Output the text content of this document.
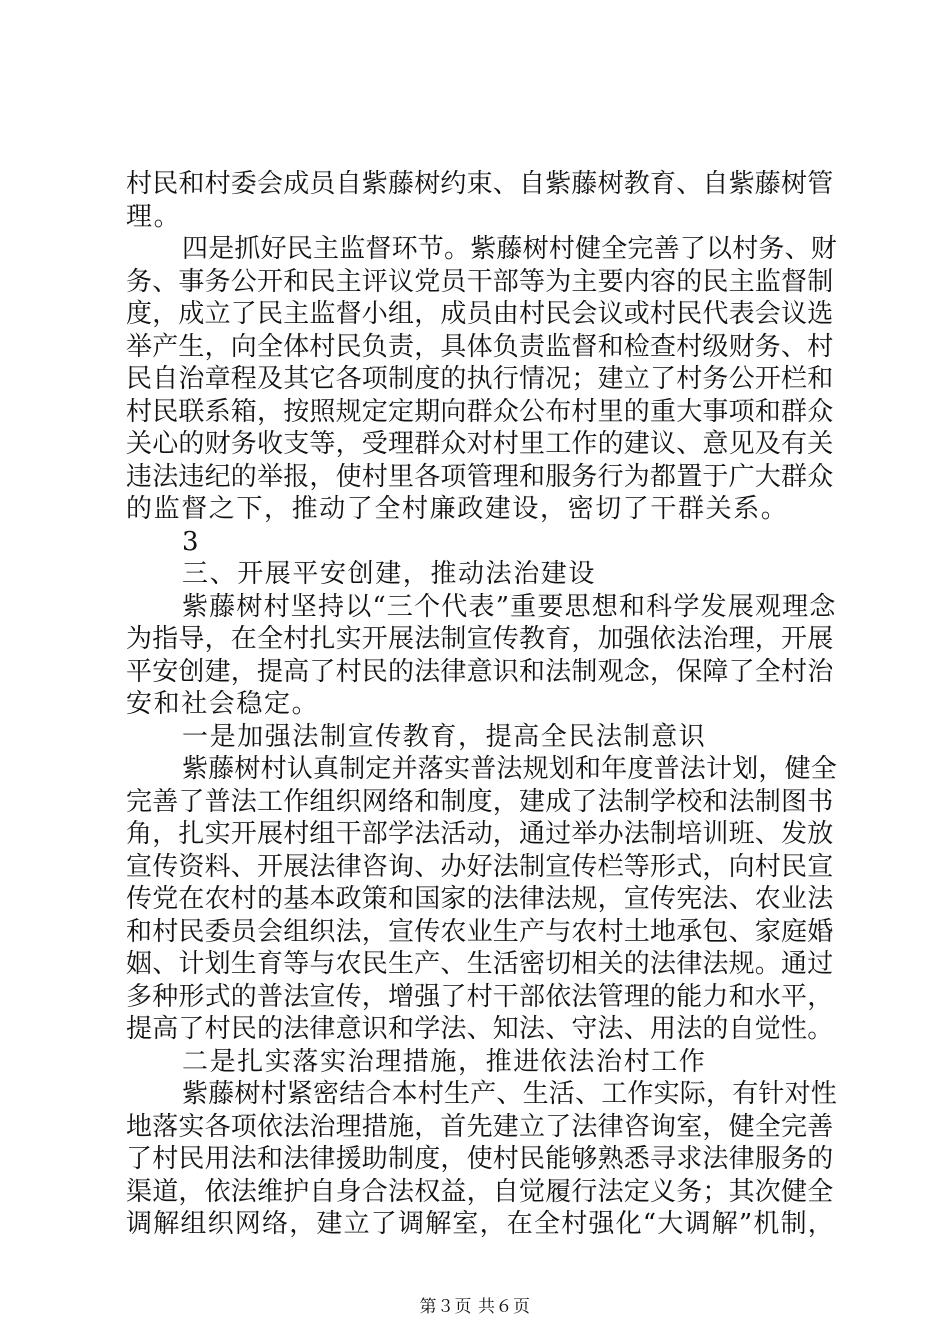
村民和村委会成员自紫藤树约束、自紫藤树教育、自紫藤树管
理。
四是抓好民主监督环节。紫藤树村健全完善了以村务、财
务、事务公开和民主评议党员干部等为主要内容的民主监督制
度，成立了民主监督小组，成员由村民会议或村民代表会议选
举产生，向全体村民负责，具体负责监督和检查村级财务、村
民自治章程及其它各项制度的执行情况；建立了村务公开栏和
村民联系箱，按照规定定期向群众公布村里的重大事项和群众
关心的财务收支等，受理群众对村里工作的建议、意见及有关
违法违纪的举报，使村里各项管理和服务行为都置于广大群众
的监督之下，推动了全村廉政建设，密切了干群关系。
3
三、开展平安创建，推动法治建设
紫藤树村坚持以“三个代表”重要思想和科学发展观理念
为指导，在全村扎实开展法制宣传教育，加强依法治理，开展
平安创建，提高了村民的法律意识和法制观念，保障了全村治
安和社会稳定。
一是加强法制宣传教育，提高全民法制意识
紫藤树村认真制定并落实普法规划和年度普法计划，健全
完善了普法工作组织网络和制度，建成了法制学校和法制图书
角，扎实开展村组干部学法活动，通过举办法制培训班、发放
宣传资料、开展法律咨询、办好法制宣传栏等形式，向村民宣
传党在农村的基本政策和国家的法律法规，宣传宪法、农业法
和村民委员会组织法，宣传农业生产与农村土地承包、家庭婚
姻、计划生育等与农民生产、生活密切相关的法律法规。通过
多种形式的普法宣传，增强了村干部依法管理的能力和水平，
提高了村民的法律意识和学法、知法、守法、用法的自觉性。
二是扎实落实治理措施，推进依法治村工作
紫藤树村紧密结合本村生产、生活、工作实际，有针对性
地落实各项依法治理措施，首先建立了法律咨询室，健全完善
了村民用法和法律援助制度，使村民能够熟悉寻求法律服务的
渠道，依法维护自身合法权益，自觉履行法定义务；其次健全
调解组织网络，建立了调解室，在全村强化“大调解”机制，
第３页 共６页
